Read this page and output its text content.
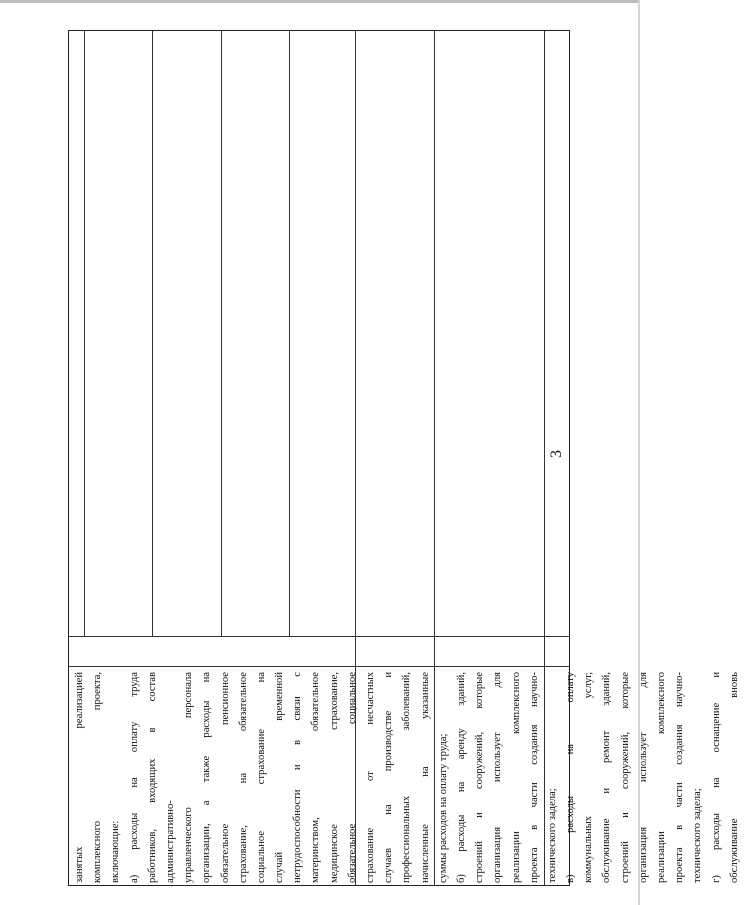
3
занятых реализацией комплексного проекта, включающие: а) расходы на оплату труда работников, входящих в состав административно- управленческого персонала организации, а также расходы на обязательное пенсионное страхование, на обязательное социальное страхование на случай временной нетрудоспособности и в связи с материнством, обязательное медицинское страхование, обязательное социальное страхование от несчастных случаев на производстве и профессиональных заболеваний, начисленные на указанные суммы расходов на оплату труда; б) расходы на аренду зданий, строений и сооружений, которые организация использует для реализации комплексного проекта в части создания научно- технического задела; в) расходы на оплату коммунальных услуг, обслуживание и ремонт зданий, строений и сооружений, которые организация использует для реализации комплексного проекта в части создания научно- технического задела; г) расходы на оснащение и обслуживание вновь
